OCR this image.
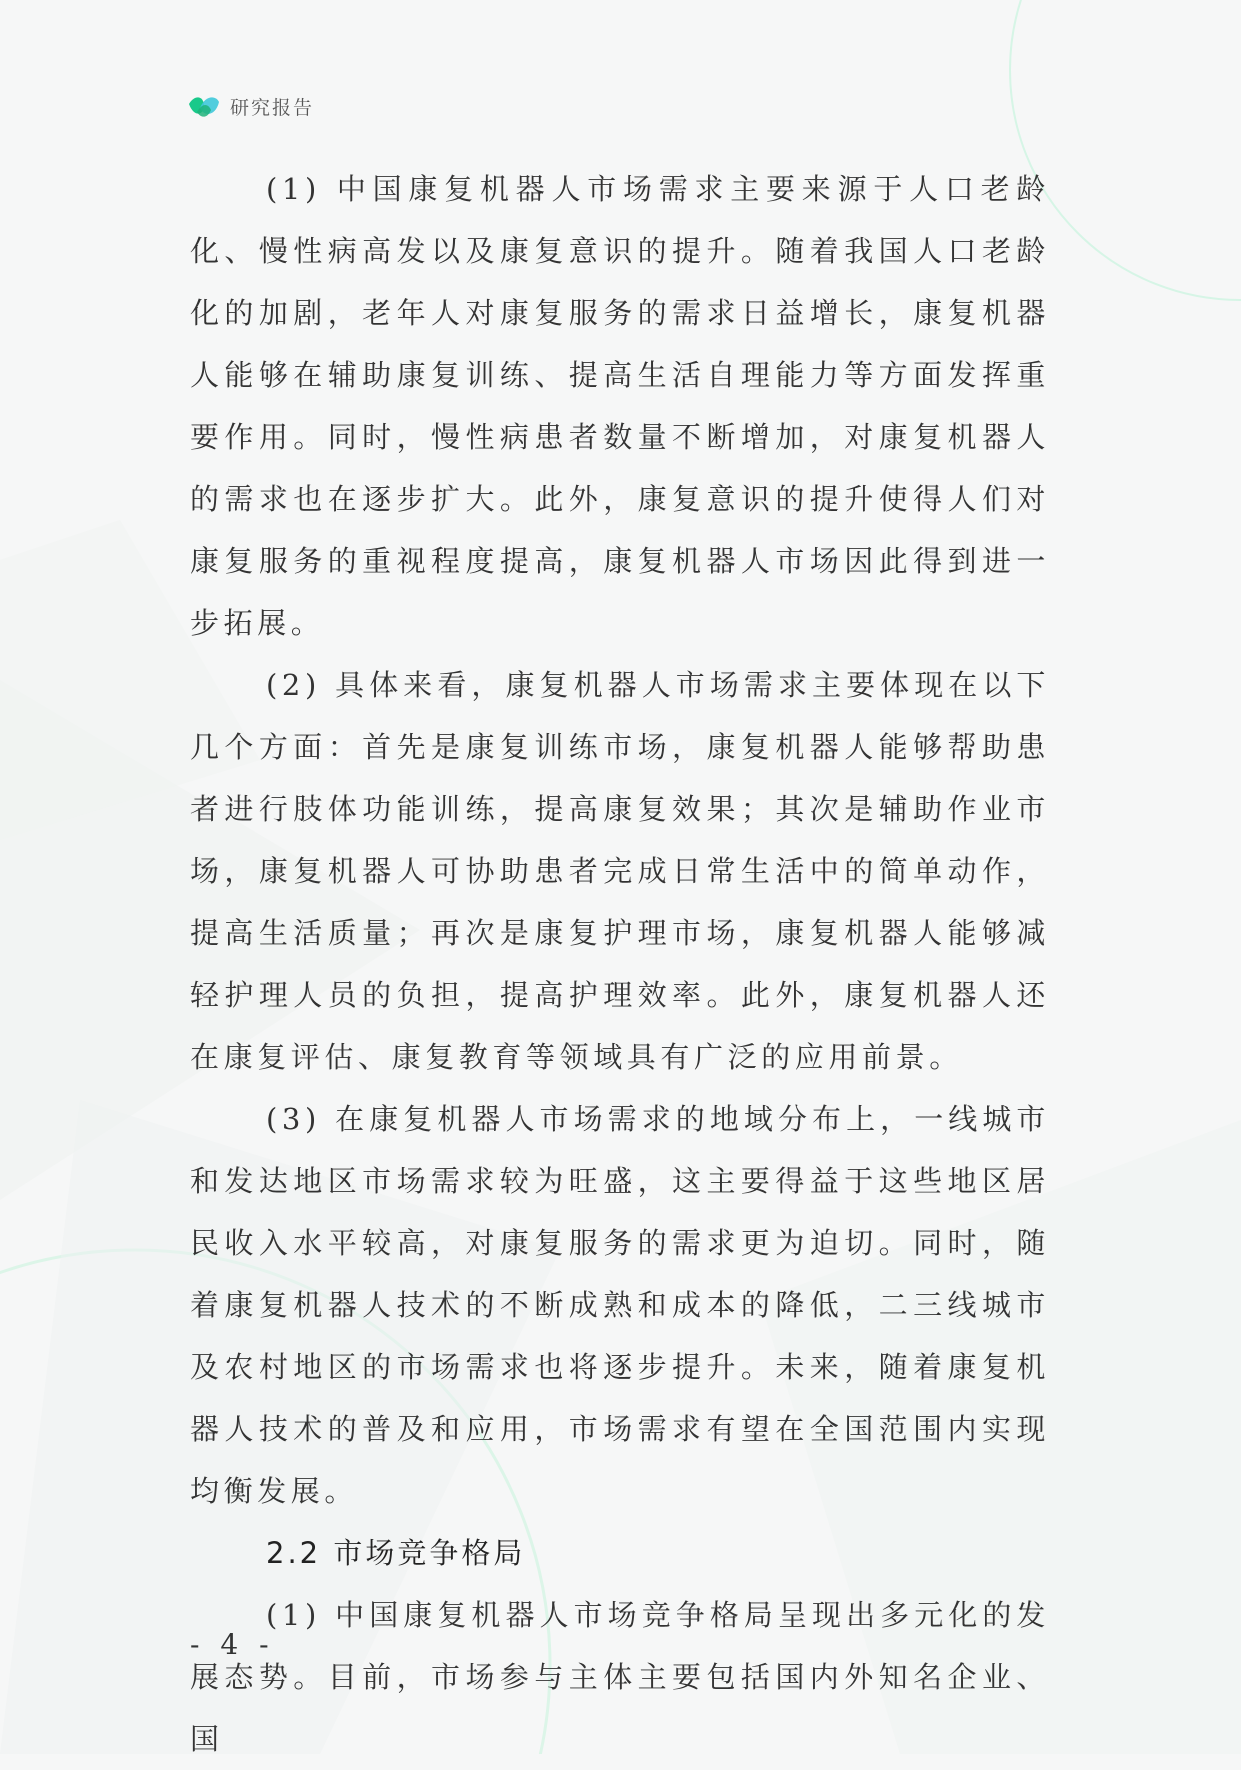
研究报告

(1) 中国康复机器人市场需求主要来源于人口老龄化、慢性病高发以及康复意识的提升。随着我国人口老龄化的加剧，老年人对康复服务的需求日益增长，康复机器人能够在辅助康复训练、提高生活自理能力等方面发挥重要作用。同时，慢性病患者数量不断增加，对康复机器人的需求也在逐步扩大。此外，康复意识的提升使得人们对康复服务的重视程度提高，康复机器人市场因此得到进一步拓展。

(2) 具体来看，康复机器人市场需求主要体现在以下几个方面：首先是康复训练市场，康复机器人能够帮助患者进行肢体功能训练，提高康复效果；其次是辅助作业市场，康复机器人可协助患者完成日常生活中的简单动作，提高生活质量；再次是康复护理市场，康复机器人能够减轻护理人员的负担，提高护理效率。此外，康复机器人还在康复评估、康复教育等领域具有广泛的应用前景。

(3) 在康复机器人市场需求的地域分布上，一线城市和发达地区市场需求较为旺盛，这主要得益于这些地区居民收入水平较高，对康复服务的需求更为迫切。同时，随着康复机器人技术的不断成熟和成本的降低，二三线城市及农村地区的市场需求也将逐步提升。未来，随着康复机器人技术的普及和应用，市场需求有望在全国范围内实现均衡发展。

2.2 市场竞争格局

(1) 中国康复机器人市场竞争格局呈现出多元化的发展态势。目前，市场参与主体主要包括国内外知名企业、国

- 4 -
